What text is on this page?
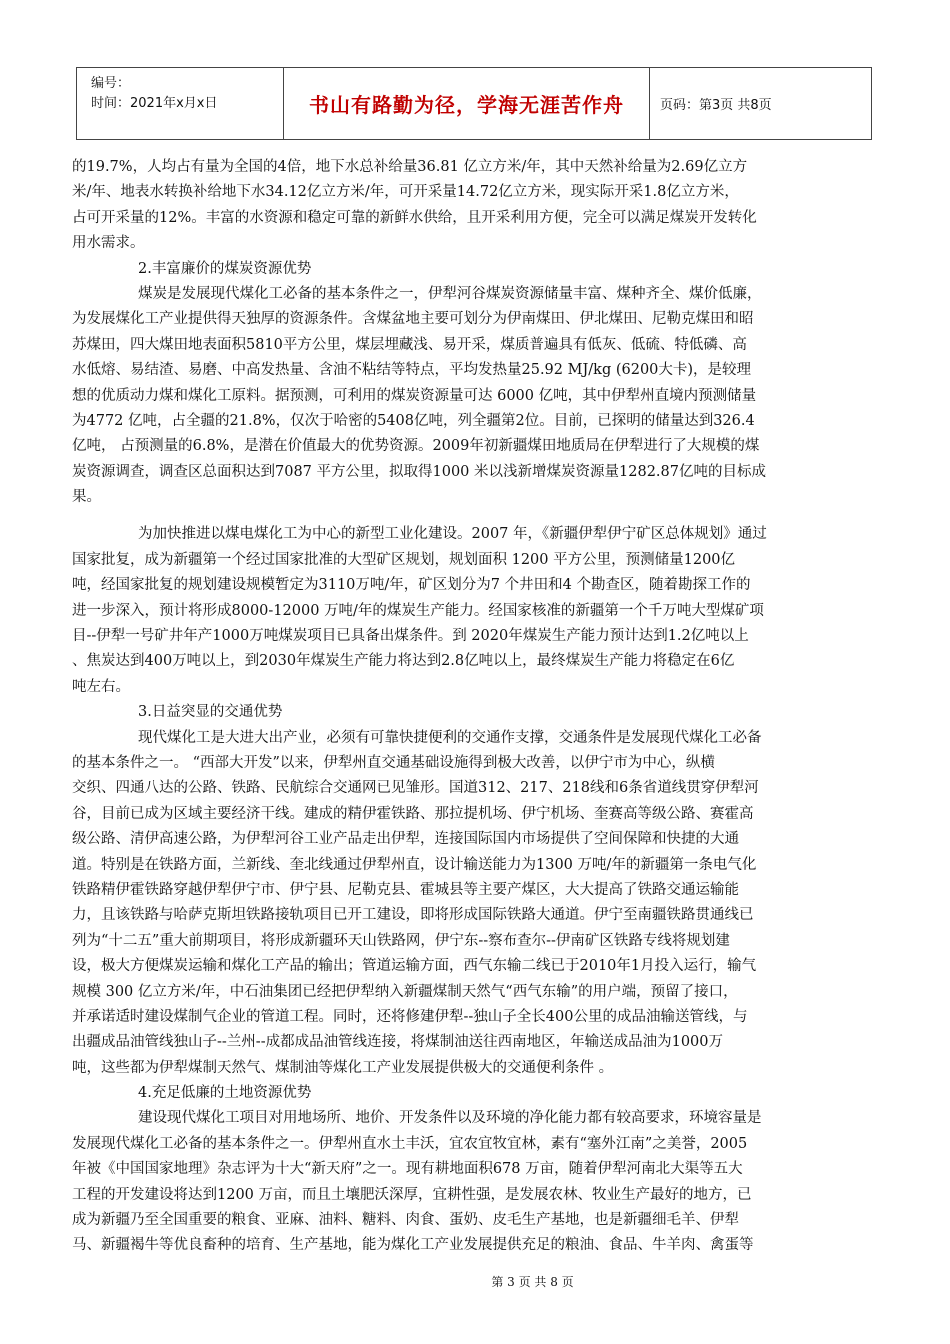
编号：
时间：2021年x月x日	书山有路勤为径，学海无涯苦作舟	页码：第3页 共8页
的19.7%，人均占有量为全国的4倍，地下水总补给量36.81 亿立方米/年，其中天然补给量为2.69亿立方
米/年、地表水转换补给地下水34.12亿立方米/年，可开采量14.72亿立方米，现实际开采1.8亿立方米，
占可开采量的12%。丰富的水资源和稳定可靠的新鲜水供给，且开采利用方便，完全可以满足煤炭开发转化
用水需求。
2.丰富廉价的煤炭资源优势
煤炭是发展现代煤化工必备的基本条件之一，伊犁河谷煤炭资源储量丰富、煤种齐全、煤价低廉，
为发展煤化工产业提供得天独厚的资源条件。含煤盆地主要可划分为伊南煤田、伊北煤田、尼勒克煤田和昭
苏煤田，四大煤田地表面积5810平方公里，煤层埋藏浅、易开采，煤质普遍具有低灰、低硫、特低磷、高
水低熔、易结渣、易磨、中高发热量、含油不粘结等特点，平均发热量25.92 MJ/kg (6200大卡)，是较理
想的优质动力煤和煤化工原料。据预测，可利用的煤炭资源量可达 6000 亿吨，其中伊犁州直境内预测储量
为4772 亿吨，占全疆的21.8%，仅次于哈密的5408亿吨，列全疆第2位。目前，已探明的储量达到326.4
亿吨， 占预测量的6.8%，是潜在价值最大的优势资源。2009年初新疆煤田地质局在伊犁进行了大规模的煤
炭资源调查，调查区总面积达到7087 平方公里，拟取得1000 米以浅新增煤炭资源量1282.87亿吨的目标成
果。
为加快推进以煤电煤化工为中心的新型工业化建设。2007 年，《新疆伊犁伊宁矿区总体规划》通过
国家批复，成为新疆第一个经过国家批准的大型矿区规划，规划面积 1200 平方公里，预测储量1200亿
吨，经国家批复的规划建设规模暂定为3110万吨/年，矿区划分为7 个井田和4 个勘查区，随着勘探工作的
进一步深入，预计将形成8000-12000 万吨/年的煤炭生产能力。经国家核准的新疆第一个千万吨大型煤矿项
目--伊犁一号矿井年产1000万吨煤炭项目已具备出煤条件。到 2020年煤炭生产能力预计达到1.2亿吨以上
、焦炭达到400万吨以上，到2030年煤炭生产能力将达到2.8亿吨以上，最终煤炭生产能力将稳定在6亿
吨左右。
3.日益突显的交通优势
现代煤化工是大进大出产业，必须有可靠快捷便利的交通作支撑，交通条件是发展现代煤化工必备
的基本条件之一。 “西部大开发”以来，伊犁州直交通基础设施得到极大改善，以伊宁市为中心，纵横
交织、四通八达的公路、铁路、民航综合交通网已见雏形。国道312、217、218线和6条省道线贯穿伊犁河
谷，目前已成为区域主要经济干线。建成的精伊霍铁路、那拉提机场、伊宁机场、奎赛高等级公路、赛霍高
级公路、清伊高速公路，为伊犁河谷工业产品走出伊犁，连接国际国内市场提供了空间保障和快捷的大通
道。特别是在铁路方面，兰新线、奎北线通过伊犁州直，设计输送能力为1300 万吨/年的新疆第一条电气化
铁路精伊霍铁路穿越伊犁伊宁市、伊宁县、尼勒克县、霍城县等主要产煤区，大大提高了铁路交通运输能
力，且该铁路与哈萨克斯坦铁路接轨项目已开工建设，即将形成国际铁路大通道。伊宁至南疆铁路贯通线已
列为“十二五”重大前期项目，将形成新疆环天山铁路网，伊宁东--察布查尔--伊南矿区铁路专线将规划建
设，极大方便煤炭运输和煤化工产品的输出；管道运输方面，西气东输二线已于2010年1月投入运行，输气
规模 300 亿立方米/年，中石油集团已经把伊犁纳入新疆煤制天然气“西气东输”的用户端，预留了接口，
并承诺适时建设煤制气企业的管道工程。同时，还将修建伊犁--独山子全长400公里的成品油输送管线，与
出疆成品油管线独山子--兰州--成都成品油管线连接，将煤制油送往西南地区，年输送成品油为1000万
吨，这些都为伊犁煤制天然气、煤制油等煤化工产业发展提供极大的交通便利条件 。
4.充足低廉的土地资源优势
建设现代煤化工项目对用地场所、地价、开发条件以及环境的净化能力都有较高要求，环境容量是
发展现代煤化工必备的基本条件之一。伊犁州直水土丰沃，宜农宜牧宜林，素有“塞外江南”之美誉，2005
年被《中国国家地理》杂志评为十大“新天府”之一。现有耕地面积678 万亩，随着伊犁河南北大渠等五大
工程的开发建设将达到1200 万亩，而且土壤肥沃深厚，宜耕性强，是发展农林、牧业生产最好的地方，已
成为新疆乃至全国重要的粮食、亚麻、油料、糖料、肉食、蛋奶、皮毛生产基地，也是新疆细毛羊、伊犁
马、新疆褐牛等优良畜种的培育、生产基地，能为煤化工产业发展提供充足的粮油、食品、牛羊肉、禽蛋等
第 3 页 共 8 页
